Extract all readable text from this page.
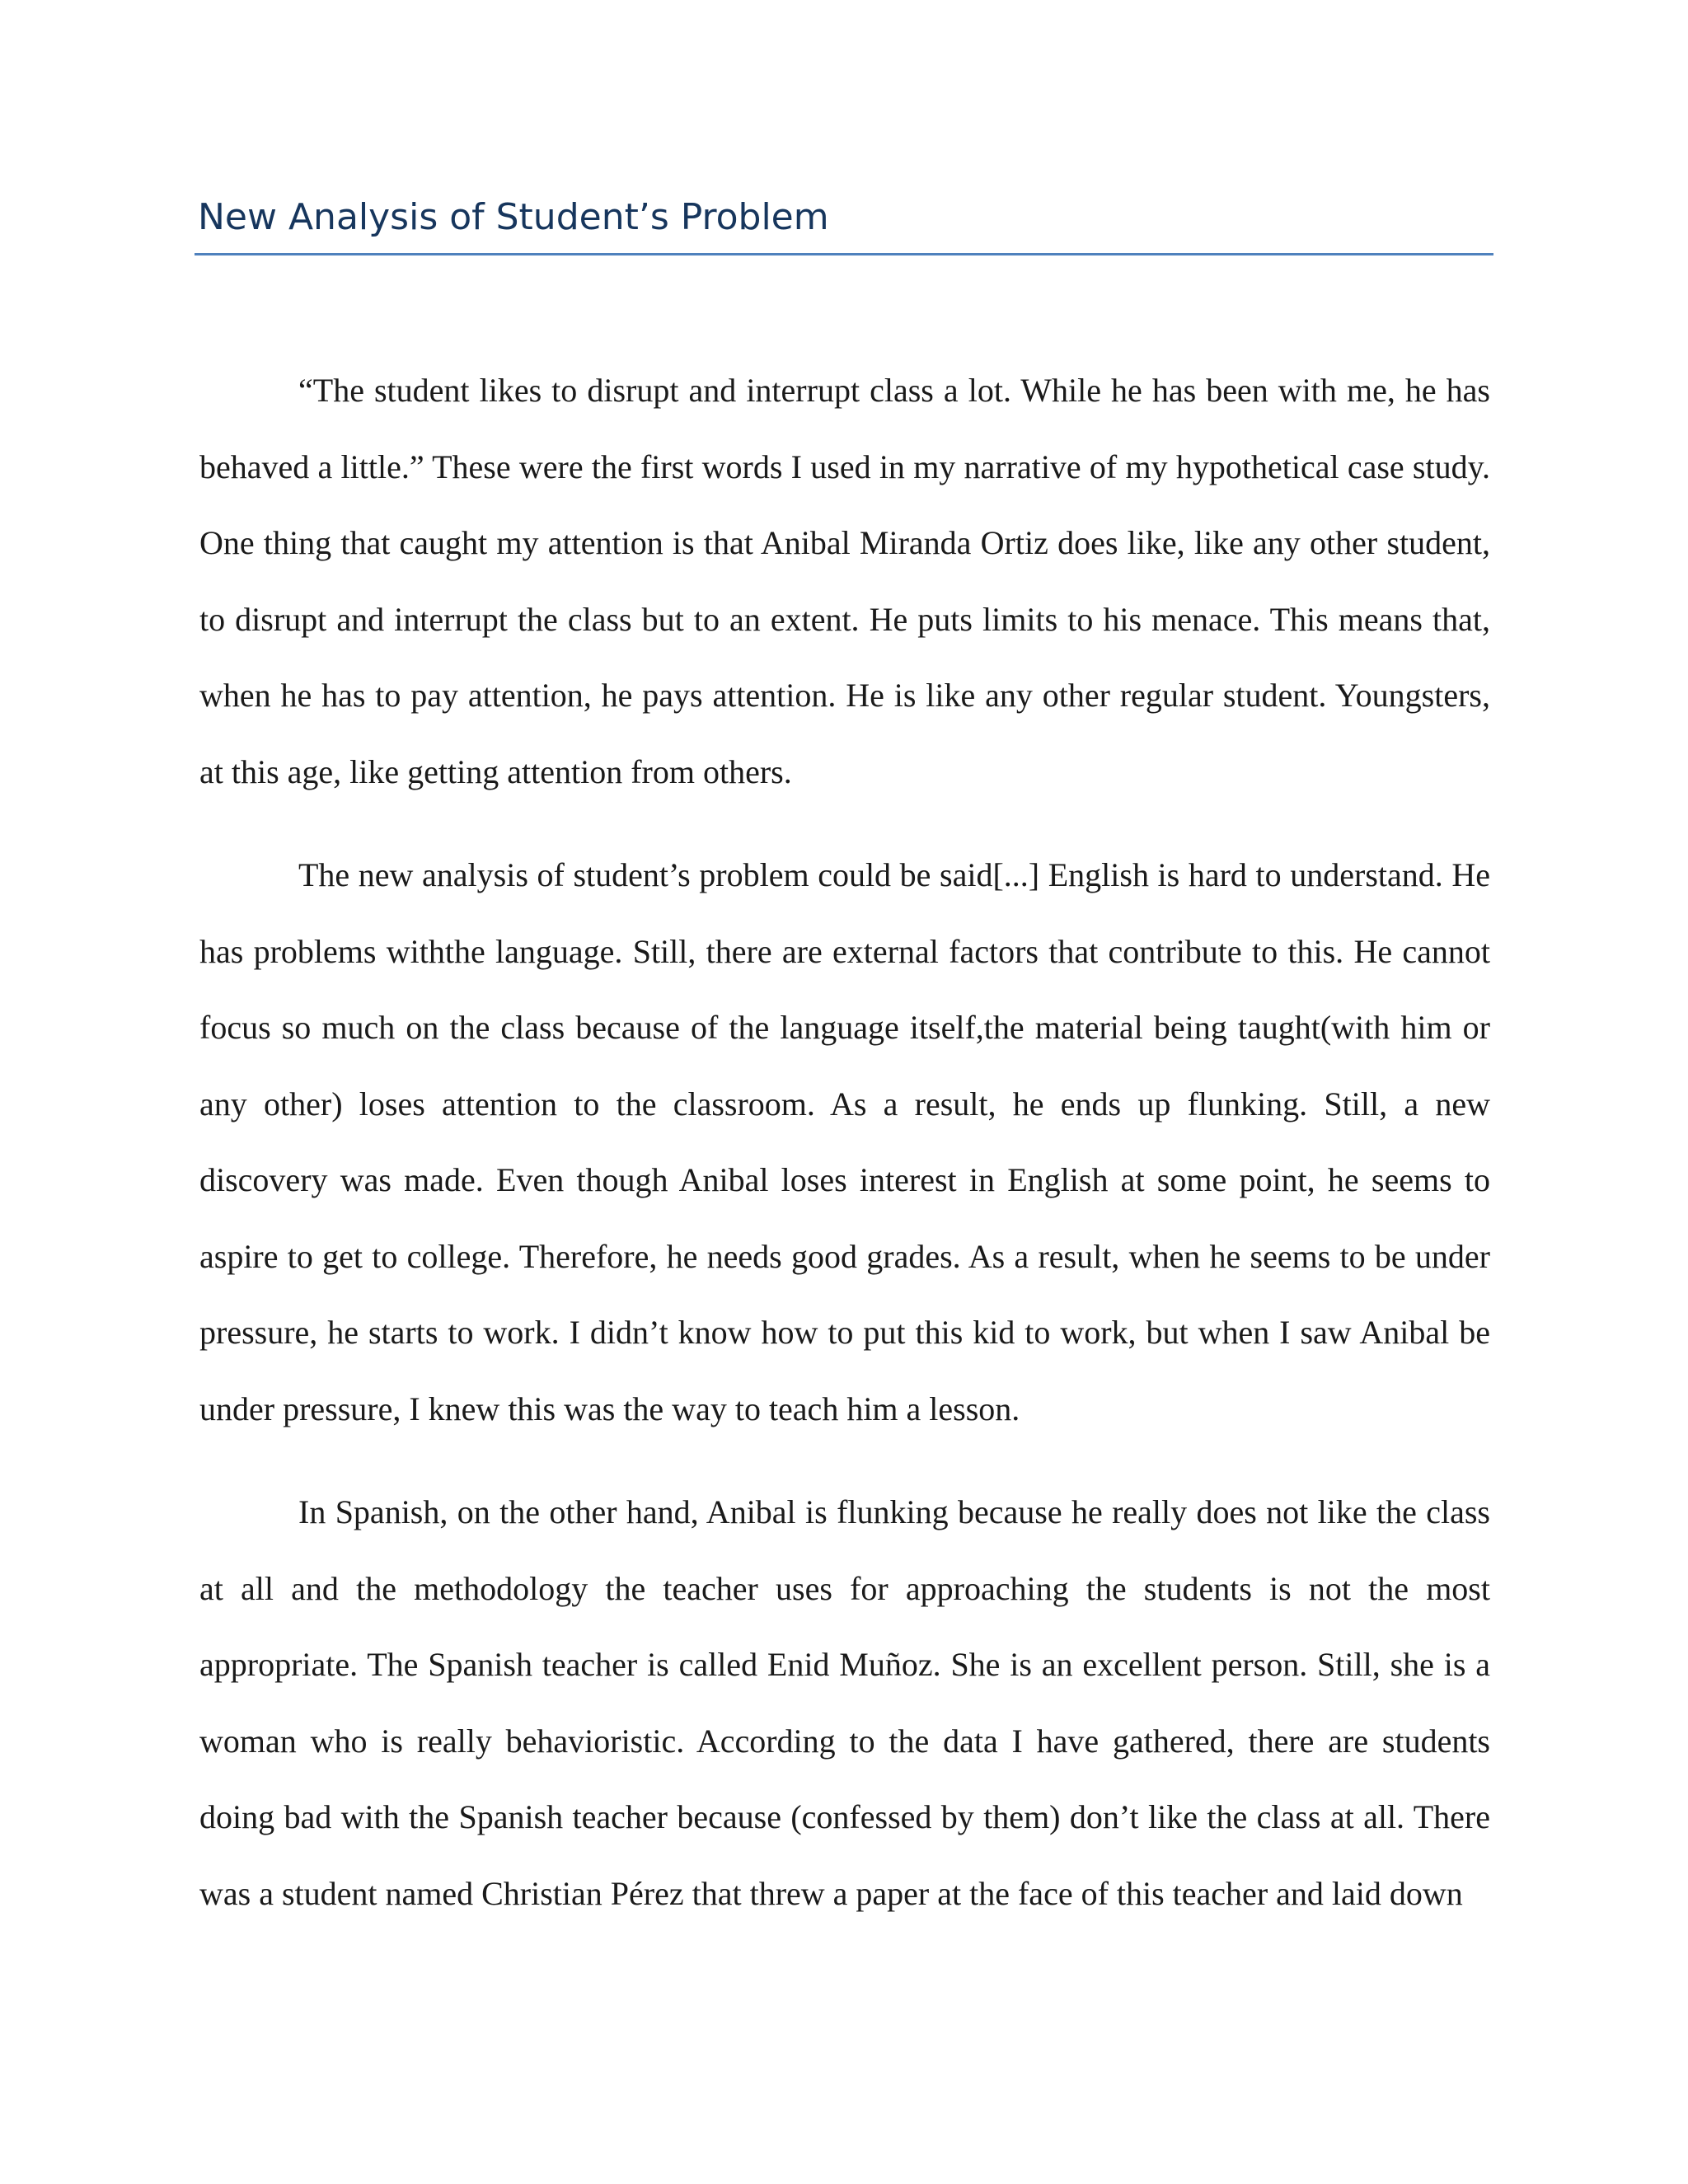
New Analysis of Student’s Problem

“The student likes to disrupt and interrupt class a lot. While he has been with me, he has behaved a little.” These were the first words I used in my narrative of my hypothetical case study. One thing that caught my attention is that Anibal Miranda Ortiz does like, like any other student, to disrupt and interrupt the class but to an extent. He puts limits to his menace. This means that, when he has to pay attention, he pays attention. He is like any other regular student. Youngsters, at this age, like getting attention from others.

The new analysis of student’s problem could be said[...] English is hard to understand. He has problems withthe language. Still, there are external factors that contribute to this. He cannot focus so much on the class because of the language itself,the material being taught(with him or any other) loses attention to the classroom. As a result, he ends up flunking. Still, a new discovery was made. Even though Anibal loses interest in English at some point, he seems to aspire to get to college. Therefore, he needs good grades. As a result, when he seems to be under pressure, he starts to work. I didn’t know how to put this kid to work, but when I saw Anibal be under pressure, I knew this was the way to teach him a lesson.

In Spanish, on the other hand, Anibal is flunking because he really does not like the class at all and the methodology the teacher uses for approaching the students is not the most appropriate. The Spanish teacher is called Enid Muñoz. She is an excellent person. Still, she is a woman who is really behavioristic. According to the data I have gathered, there are students doing bad with the Spanish teacher because (confessed by them) don’t like the class at all. There was a student named Christian Pérez that threw a paper at the face of this teacher and laid down
